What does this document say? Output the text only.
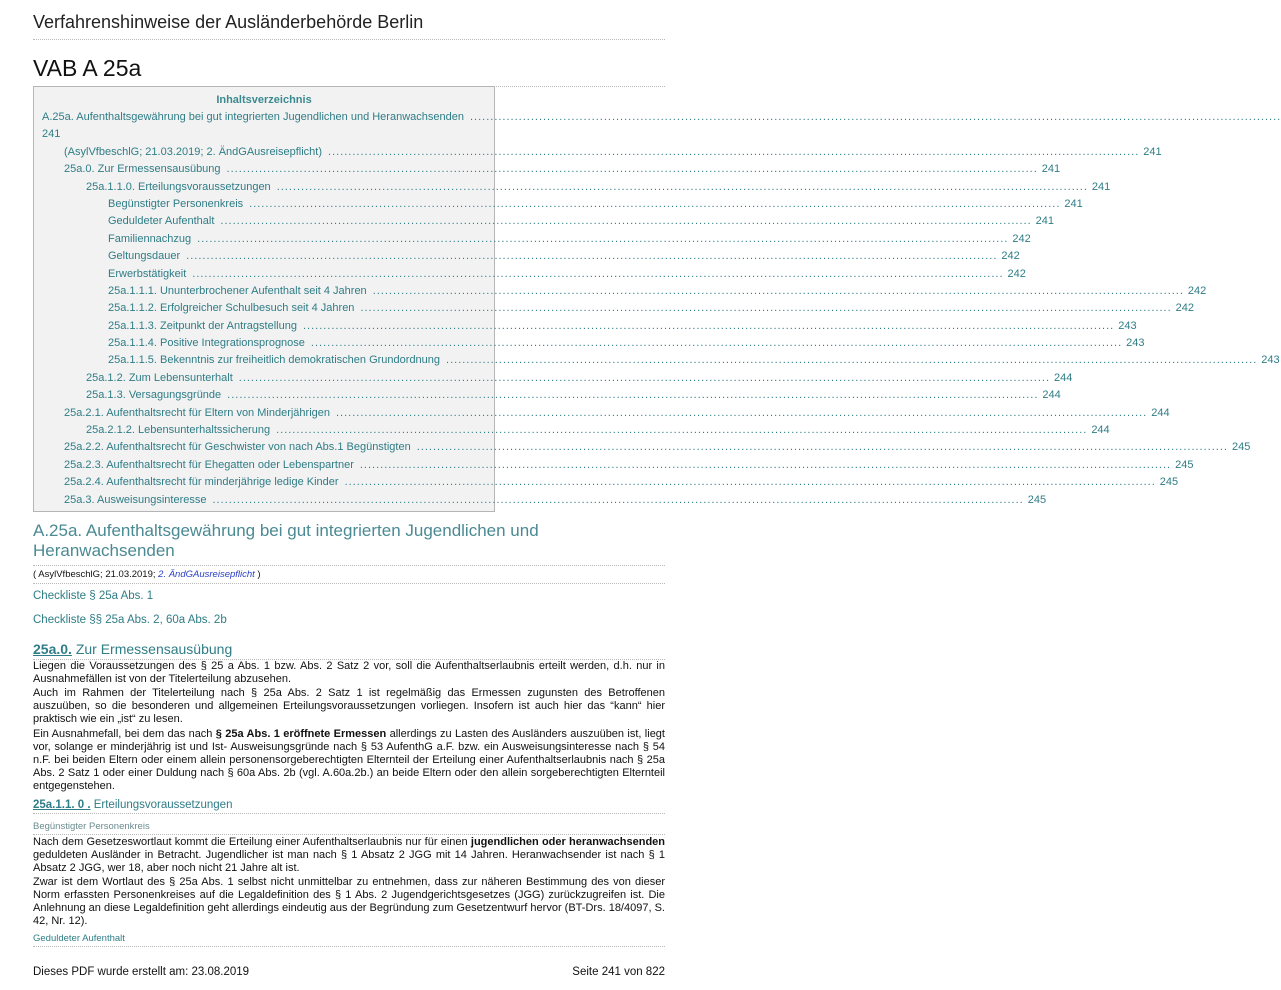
Verfahrenshinweise der Ausländerbehörde Berlin
VAB A 25a
Inhaltsverzeichnis
A.25a. Aufenthaltsgewährung bei gut integrierten Jugendlichen und Heranwachsenden ........................................................................................................................................................................................................
241
(AsylVfbeschlG; 21.03.2019; 2. ÄndGAusreisepflicht) ........................................................................................................................................................................................................ 241
25a.0. Zur Ermessensausübung ........................................................................................................................................................................................................ 241
25a.1.1.0. Erteilungsvoraussetzungen ........................................................................................................................................................................................................ 241
Begünstigter Personenkreis ........................................................................................................................................................................................................ 241
Geduldeter Aufenthalt ........................................................................................................................................................................................................ 241
Familiennachzug ........................................................................................................................................................................................................ 242
Geltungsdauer ........................................................................................................................................................................................................ 242
Erwerbstätigkeit ........................................................................................................................................................................................................ 242
25a.1.1.1. Ununterbrochener Aufenthalt seit 4 Jahren ........................................................................................................................................................................................................ 242
25a.1.1.2. Erfolgreicher Schulbesuch seit 4 Jahren ........................................................................................................................................................................................................ 242
25a.1.1.3. Zeitpunkt der Antragstellung ........................................................................................................................................................................................................ 243
25a.1.1.4. Positive Integrationsprognose ........................................................................................................................................................................................................ 243
25a.1.1.5. Bekenntnis zur freiheitlich demokratischen Grundordnung ........................................................................................................................................................................................................ 243
25a.1.2. Zum Lebensunterhalt ........................................................................................................................................................................................................ 244
25a.1.3. Versagungsgründe ........................................................................................................................................................................................................ 244
25a.2.1. Aufenthaltsrecht für Eltern von Minderjährigen ........................................................................................................................................................................................................ 244
25a.2.1.2. Lebensunterhaltssicherung ........................................................................................................................................................................................................ 244
25a.2.2. Aufenthaltsrecht für Geschwister von nach Abs.1 Begünstigten ........................................................................................................................................................................................................ 245
25a.2.3. Aufenthaltsrecht für Ehegatten oder Lebenspartner ........................................................................................................................................................................................................ 245
25a.2.4. Aufenthaltsrecht für minderjährige ledige Kinder ........................................................................................................................................................................................................ 245
25a.3. Ausweisungsinteresse ........................................................................................................................................................................................................ 245
A.25a. Aufenthaltsgewährung bei gut integrierten Jugendlichen und Heranwachsenden
( AsylVfbeschlG; 21.03.2019; 2. ÄndGAusreisepflicht )
Checkliste § 25a Abs. 1
Checkliste §§ 25a Abs. 2, 60a Abs. 2b
25a.0. Zur Ermessensausübung
Liegen die Voraussetzungen des § 25 a Abs. 1 bzw. Abs. 2 Satz 2 vor, soll die Aufenthaltserlaubnis erteilt werden, d.h. nur in Ausnahmefällen ist von der Titelerteilung abzusehen.
Auch im Rahmen der Titelerteilung nach § 25a Abs. 2 Satz 1 ist regelmäßig das Ermessen zugunsten des Betroffenen auszuüben, so die besonderen und allgemeinen Erteilungsvoraussetzungen vorliegen. Insofern ist auch hier das “kann“ hier praktisch wie ein „ist“ zu lesen.
Ein Ausnahmefall, bei dem das nach § 25a Abs. 1 eröffnete Ermessen allerdings zu Lasten des Ausländers auszuüben ist, liegt vor, solange er minderjährig ist und Ist- Ausweisungsgründe nach § 53 AufenthG a.F. bzw. ein Ausweisungsinteresse nach § 54 n.F. bei beiden Eltern oder einem allein personensorgeberechtigten Elternteil der Erteilung einer Aufenthaltserlaubnis nach § 25a Abs. 2 Satz 1 oder einer Duldung nach § 60a Abs. 2b (vgl. A.60a.2b.) an beide Eltern oder den allein sorgeberechtigten Elternteil entgegenstehen.
25a.1.1. 0 . Erteilungsvoraussetzungen
Begünstigter Personenkreis
Nach dem Gesetzeswortlaut kommt die Erteilung einer Aufenthaltserlaubnis nur für einen jugendlichen oder heranwachsenden geduldeten Ausländer in Betracht. Jugendlicher ist man nach § 1 Absatz 2 JGG mit 14 Jahren. Heranwachsender ist nach § 1 Absatz 2 JGG, wer 18, aber noch nicht 21 Jahre alt ist.
Zwar ist dem Wortlaut des § 25a Abs. 1 selbst nicht unmittelbar zu entnehmen, dass zur näheren Bestimmung des von dieser Norm erfassten Personenkreises auf die Legaldefinition des § 1 Abs. 2 Jugendgerichtsgesetzes (JGG) zurückzugreifen ist. Die Anlehnung an diese Legaldefinition geht allerdings eindeutig aus der Begründung zum Gesetzentwurf hervor (BT-Drs. 18/4097, S. 42, Nr. 12).
Geduldeter Aufenthalt
Dieses PDF wurde erstellt am: 23.08.2019	Seite 241 von 822
